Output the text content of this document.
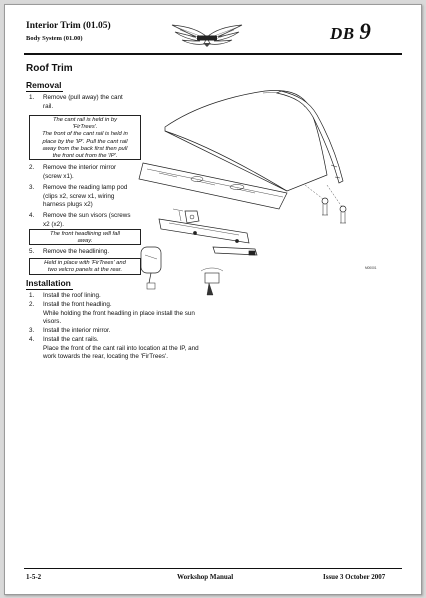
Interior Trim (01.05)
Body System (01.00)	DB 9
Roof Trim
Removal
1. Remove (pull away) the cant
rail.
The cant rail is held in by
'FirTrees'.
The front of the cant rail is held in
place by the 'IP'. Pull the cant rail
away from the back first then pull
the front out from the 'IP'.
2. Remove the interior mirror
(screw x1).
3. Remove the reading lamp pod
(clips x2, screw x1, wiring
harness plugs x2)
4. Remove the sun visors (screws
x2 (x2).
The front headlining will fall
away.
5. Remove the headlining.
Held in place with 'FirTrees' and
two velcro panels at the rear.
Installation
1. Install the roof lining.
2. Install the front headling.
While holding the front headling in place install the sun
visors.
3. Install the interior mirror.
4. Install the cant rails.
Place the front of the cant rail into location at the IP, and
work towards the rear, locating the 'FirTrees'.
M00001
1-5-2	Workshop Manual	Issue 3 October 2007
